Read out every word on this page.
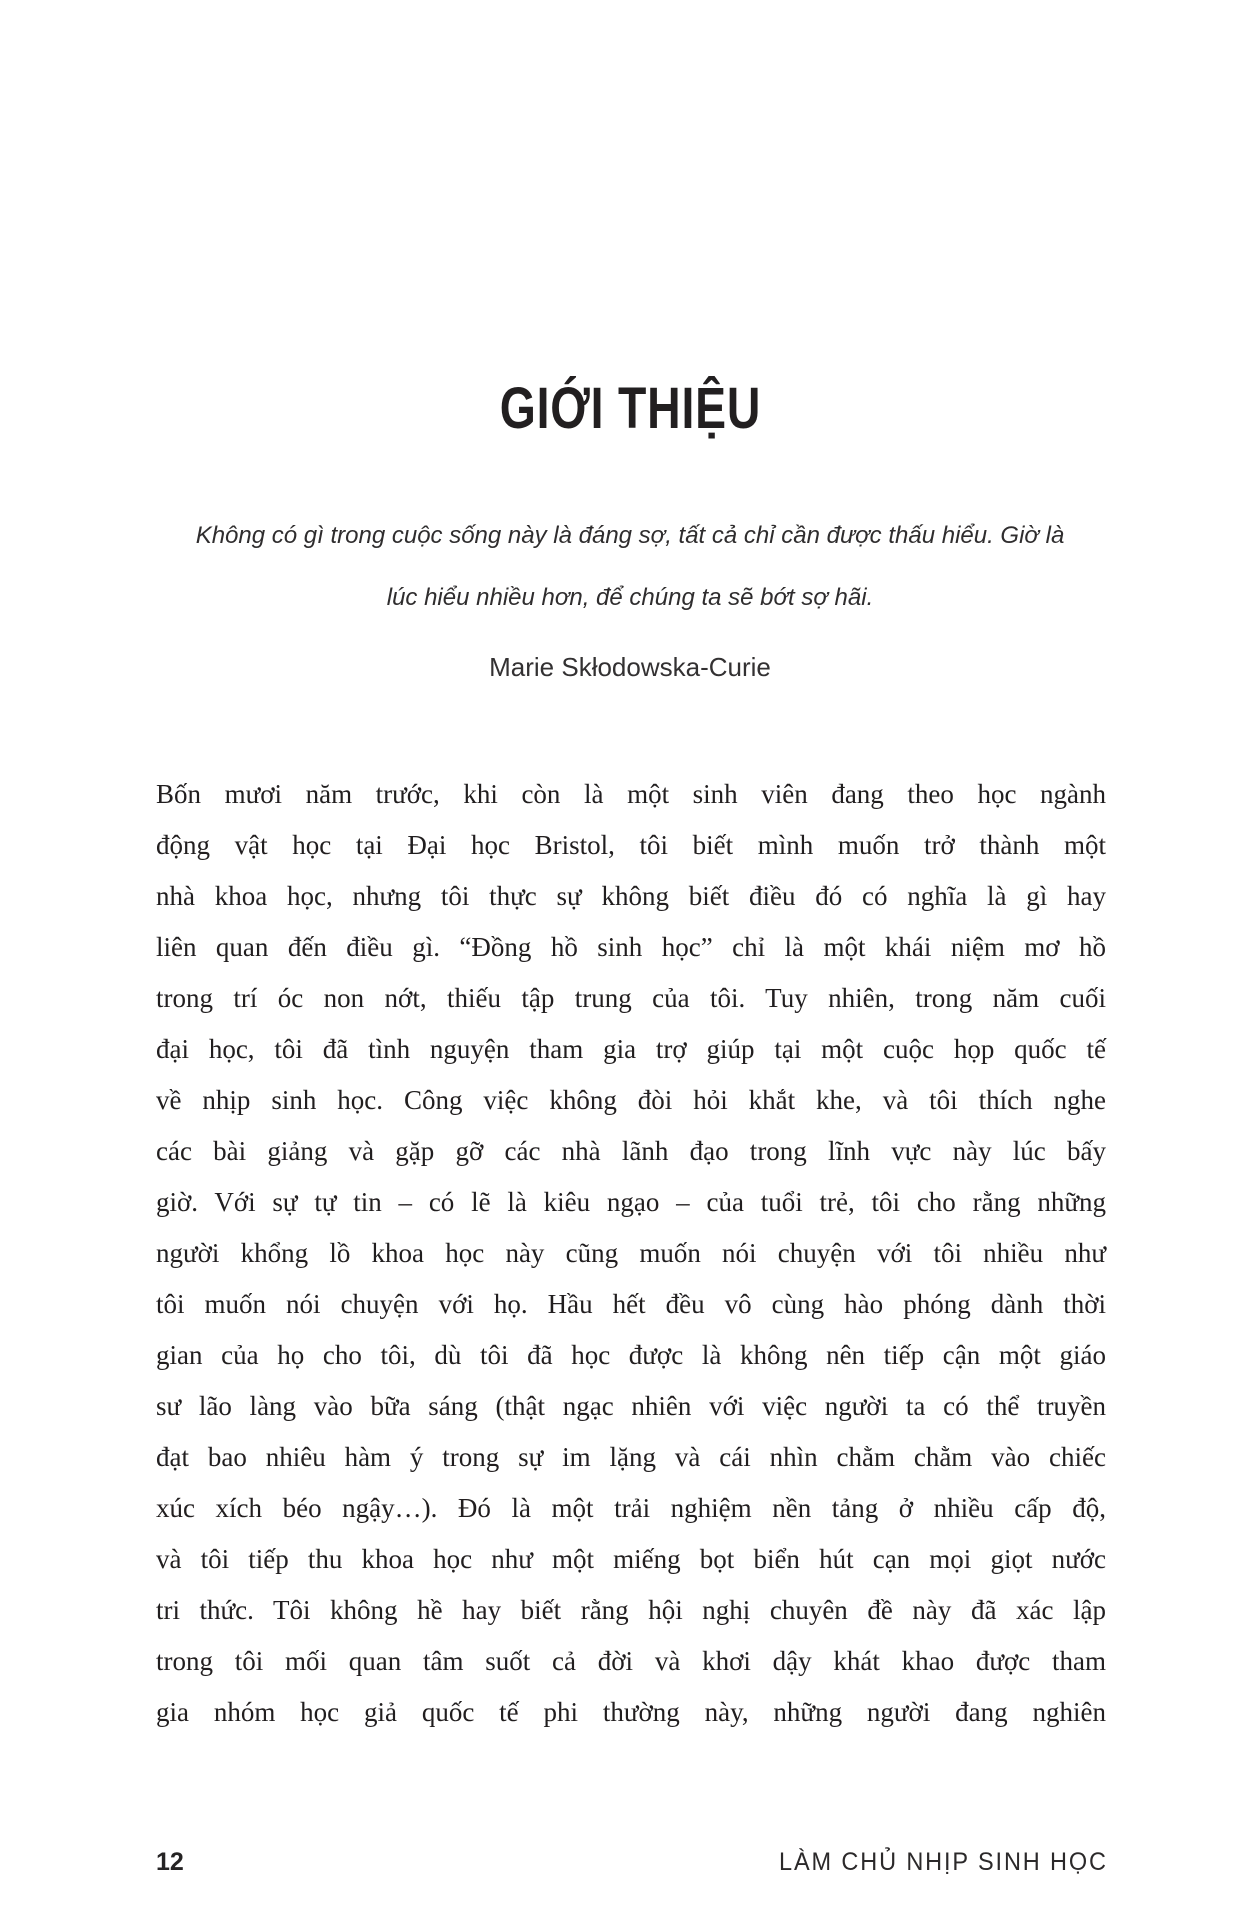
GIỚI THIỆU
Không có gì trong cuộc sống này là đáng sợ, tất cả chỉ cần được thấu hiểu. Giờ là
lúc hiểu nhiều hơn, để chúng ta sẽ bớt sợ hãi.
Marie Skłodowska-Curie
Bốn mươi năm trước, khi còn là một sinh viên đang theo học ngành
động vật học tại Đại học Bristol, tôi biết mình muốn trở thành một
nhà khoa học, nhưng tôi thực sự không biết điều đó có nghĩa là gì hay
liên quan đến điều gì. “Đồng hồ sinh học” chỉ là một khái niệm mơ hồ
trong trí óc non nớt, thiếu tập trung của tôi. Tuy nhiên, trong năm cuối
đại học, tôi đã tình nguyện tham gia trợ giúp tại một cuộc họp quốc tế
về nhịp sinh học. Công việc không đòi hỏi khắt khe, và tôi thích nghe
các bài giảng và gặp gỡ các nhà lãnh đạo trong lĩnh vực này lúc bấy
giờ. Với sự tự tin – có lẽ là kiêu ngạo – của tuổi trẻ, tôi cho rằng những
người khổng lồ khoa học này cũng muốn nói chuyện với tôi nhiều như
tôi muốn nói chuyện với họ. Hầu hết đều vô cùng hào phóng dành thời
gian của họ cho tôi, dù tôi đã học được là không nên tiếp cận một giáo
sư lão làng vào bữa sáng (thật ngạc nhiên với việc người ta có thể truyền
đạt bao nhiêu hàm ý trong sự im lặng và cái nhìn chằm chằm vào chiếc
xúc xích béo ngậy…). Đó là một trải nghiệm nền tảng ở nhiều cấp độ,
và tôi tiếp thu khoa học như một miếng bọt biển hút cạn mọi giọt nước
tri thức. Tôi không hề hay biết rằng hội nghị chuyên đề này đã xác lập
trong tôi mối quan tâm suốt cả đời và khơi dậy khát khao được tham
gia nhóm học giả quốc tế phi thường này, những người đang nghiên
12	LÀM CHỦ NHỊP SINH HỌC
